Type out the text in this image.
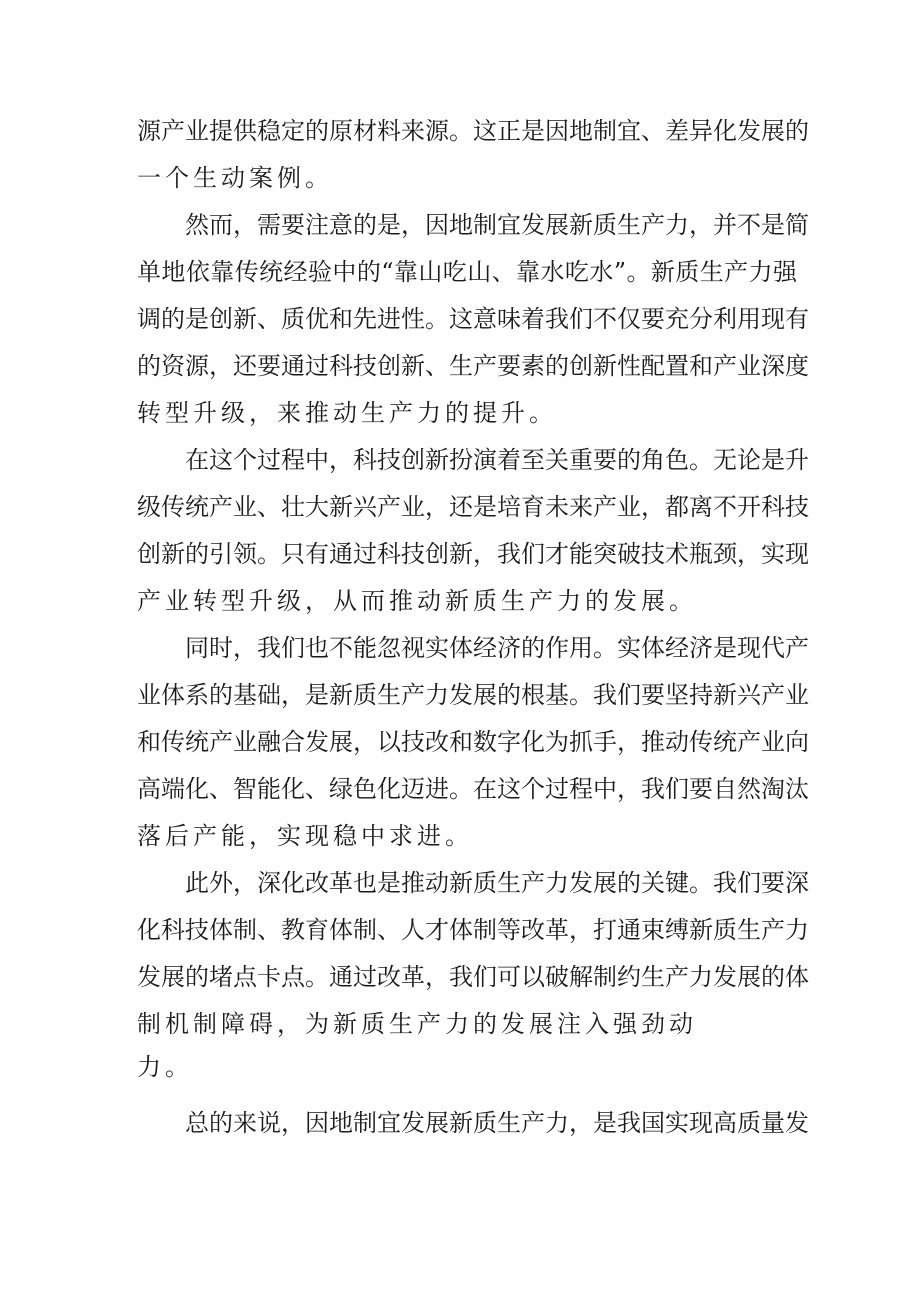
源产业提供稳定的原材料来源。这正是因地制宜、差异化发展的

一个生动案例。

然而，需要注意的是，因地制宜发展新质生产力，并不是简

单地依靠传统经验中的“靠山吃山、靠水吃水”。新质生产力强

调的是创新、质优和先进性。这意味着我们不仅要充分利用现有

的资源，还要通过科技创新、生产要素的创新性配置和产业深度

转型升级，来推动生产力的提升。

在这个过程中，科技创新扮演着至关重要的角色。无论是升

级传统产业、壮大新兴产业，还是培育未来产业，都离不开科技

创新的引领。只有通过科技创新，我们才能突破技术瓶颈，实现

产业转型升级，从而推动新质生产力的发展。

同时，我们也不能忽视实体经济的作用。实体经济是现代产

业体系的基础，是新质生产力发展的根基。我们要坚持新兴产业

和传统产业融合发展，以技改和数字化为抓手，推动传统产业向

高端化、智能化、绿色化迈进。在这个过程中，我们要自然淘汰

落后产能，实现稳中求进。

此外，深化改革也是推动新质生产力发展的关键。我们要深

化科技体制、教育体制、人才体制等改革，打通束缚新质生产力

发展的堵点卡点。通过改革，我们可以破解制约生产力发展的体

制机制障碍，为新质生产力的发展注入强劲动

力。

总的来说，因地制宜发展新质生产力，是我国实现高质量发
